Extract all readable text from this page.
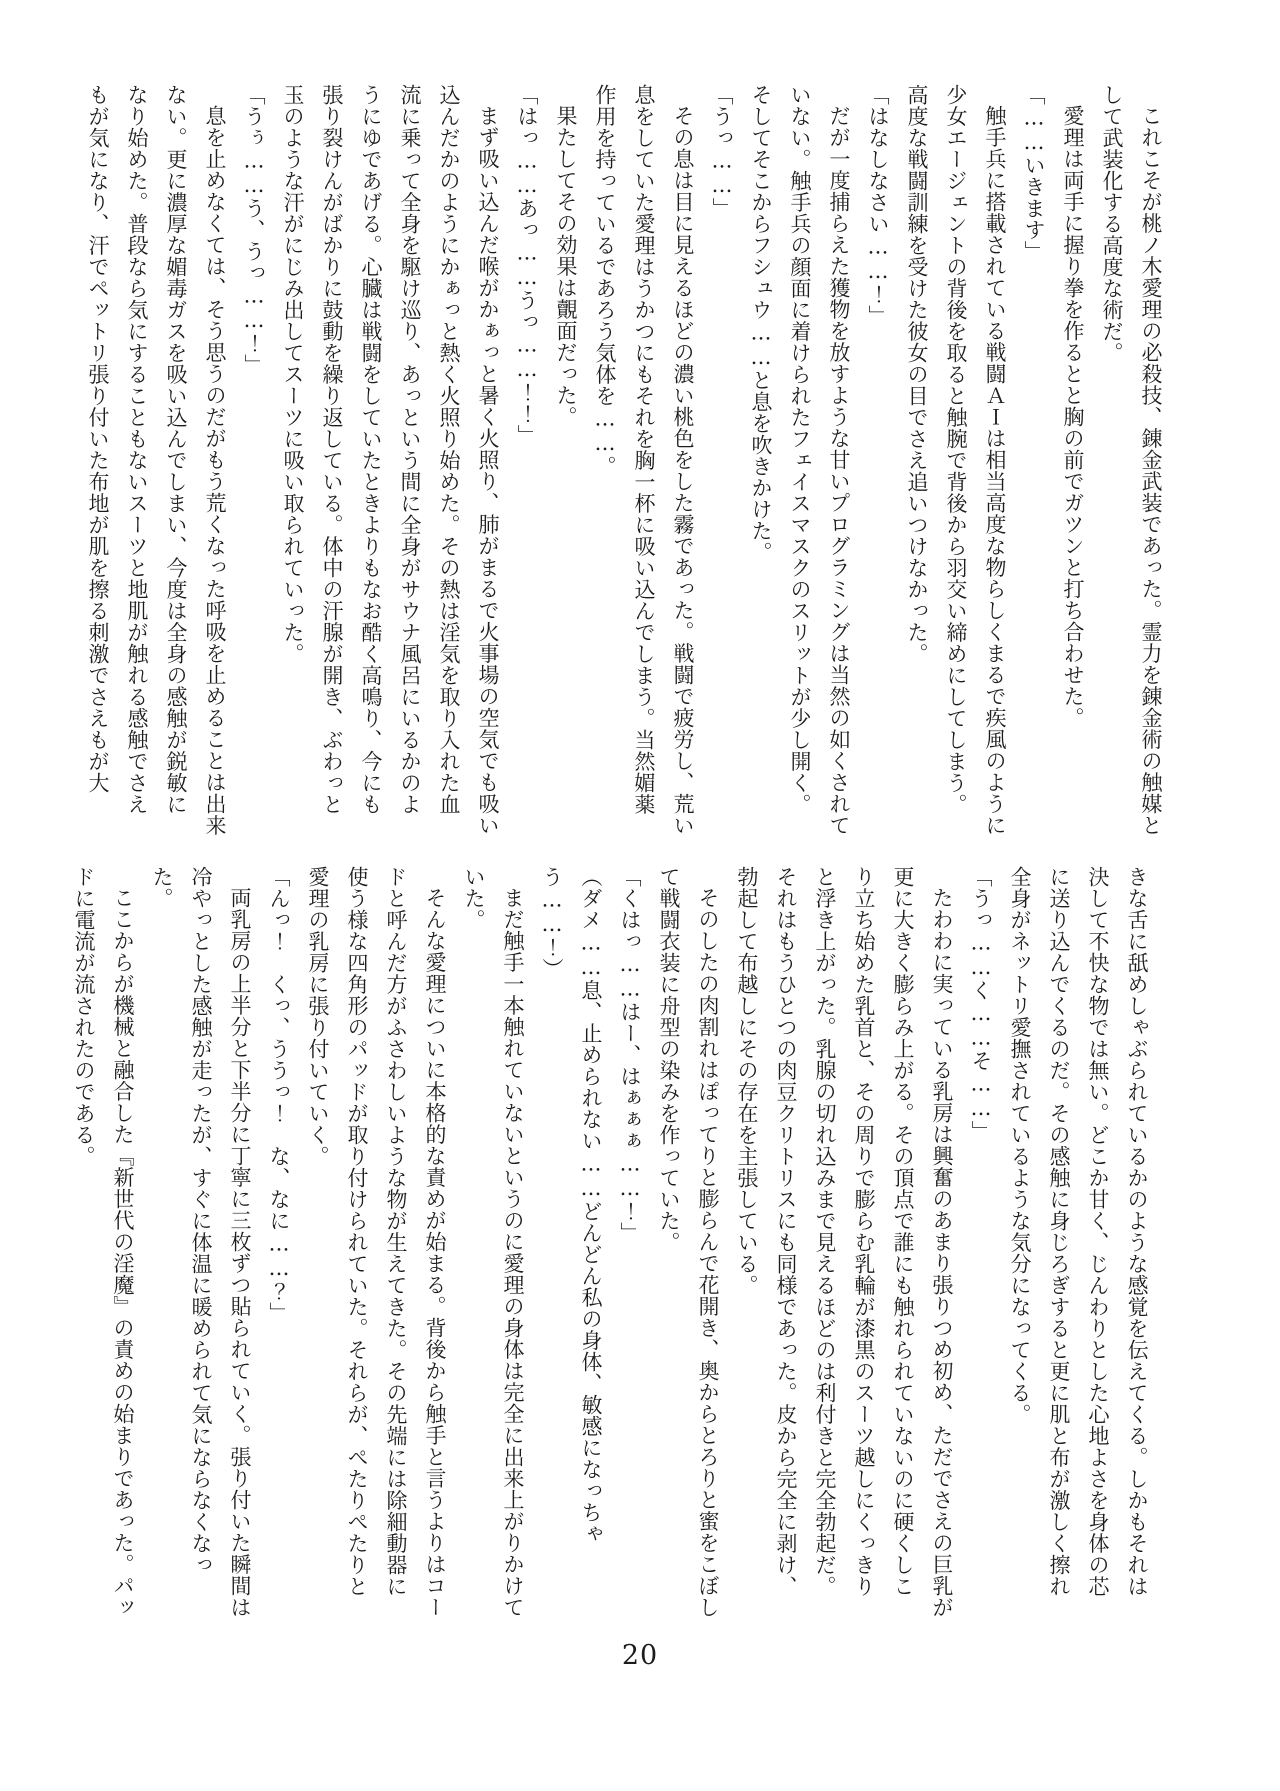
これこそが桃ノ木愛理の必殺技、錬金武装であった。霊力を錬金術の触媒として武装化する高度な術だ。

愛理は両手に握り拳を作るとと胸の前でガツンと打ち合わせた。

「……いきます」

触手兵に搭載されている戦闘ＡＩは相当高度な物らしくまるで疾風のように少女エージェントの背後を取ると触腕で背後から羽交い締めにしてしまう。高度な戦闘訓練を受けた彼女の目でさえ追いつけなかった。

「はなしなさい……！」

だが一度捕らえた獲物を放すような甘いプログラミングは当然の如くされていない。触手兵の顔面に着けられたフェイスマスクのスリットが少し開く。そしてそこからフシュウ……と息を吹きかけた。

「うっ……」

その息は目に見えるほどの濃い桃色をした霧であった。戦闘で疲労し、荒い息をしていた愛理はうかつにもそれを胸一杯に吸い込んでしまう。当然媚薬作用を持っているであろう気体を……。

果たしてその効果は覿面だった。

「はっ……あっ……うっ……！！」

まず吸い込んだ喉がかぁっと暑く火照り、肺がまるで火事場の空気でも吸い込んだかのようにかぁっと熱く火照り始めた。その熱は淫気を取り入れた血流に乗って全身を駆け巡り、あっという間に全身がサウナ風呂にいるかのようにゆであげる。心臓は戦闘をしていたときよりもなお酷く高鳴り、今にも張り裂けんがばかりに鼓動を繰り返している。体中の汗腺が開き、ぶわっと玉のような汗がにじみ出してスーツに吸い取られていった。

「うぅ……う、うっ……！」

息を止めなくては、そう思うのだがもう荒くなった呼吸を止めることは出来ない。更に濃厚な媚毒ガスを吸い込んでしまい、今度は全身の感触が鋭敏になり始めた。普段なら気にすることもないスーツと地肌が触れる感触でさえもが気になり、汗でペットリ張り付いた布地が肌を擦る刺激でさえもが大

きな舌に舐めしゃぶられているかのような感覚を伝えてくる。しかもそれは決して不快な物では無い。どこか甘く、じんわりとした心地よさを身体の芯に送り込んでくるのだ。その感触に身じろぎすると更に肌と布が激しく擦れ全身がネットリ愛撫されているような気分になってくる。

「うっ……く……そ……」

たわわに実っている乳房は興奮のあまり張りつめ初め、ただでさえの巨乳が更に大きく膨らみ上がる。その頂点で誰にも触れられていないのに硬くしこり立ち始めた乳首と、その周りで膨らむ乳輪が漆黒のスーツ越しにくっきりと浮き上がった。乳腺の切れ込みまで見えるほどのは利付きと完全勃起だ。それはもうひとつの肉豆クリトリスにも同様であった。皮から完全に剥け、勃起して布越しにその存在を主張している。

そのしたの肉割れはぽってりと膨らんで花開き、奥からとろりと蜜をこぼして戦闘衣装に舟型の染みを作っていた。

「くはっ……はー、はぁぁぁ……！」

（ダメ……息、止められない……どんどん私の身体、敏感になっちゃう……！）

まだ触手一本触れていないというのに愛理の身体は完全に出来上がりかけていた。

そんな愛理についに本格的な責めが始まる。背後から触手と言うよりはコードと呼んだ方がふさわしいような物が生えてきた。その先端には除細動器に使う様な四角形のパッドが取り付けられていた。それらが、ぺたりぺたりと愛理の乳房に張り付いていく。

「んっ！　くっ、ううっ！　な、なに……？」

両乳房の上半分と下半分に丁寧に三枚ずつ貼られていく。張り付いた瞬間は冷やっとした感触が走ったが、すぐに体温に暖められて気にならなくなった。

ここからが機械と融合した『新世代の淫魔』の責めの始まりであった。パッドに電流が流されたのである。

20
